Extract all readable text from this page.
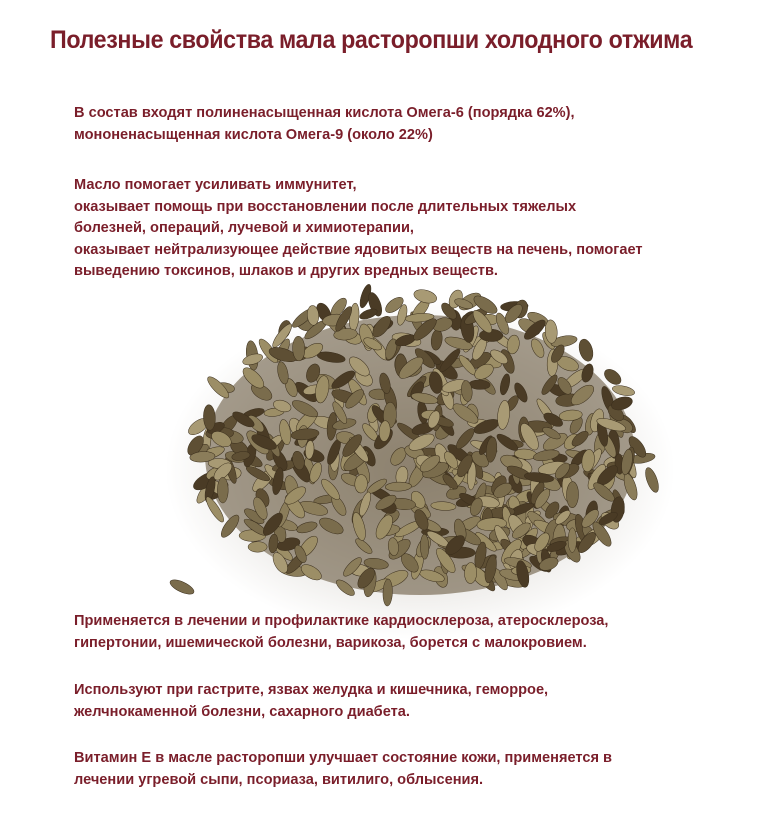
Полезные свойства мала расторопши холодного отжима
В состав входят полиненасыщенная кислота Омега-6 (порядка 62%),
мононенасыщенная кислота Омега-9 (около 22%)
Масло помогает усиливать иммунитет,
оказывает помощь при восстановлении после длительных тяжелых
болезней, операций, лучевой и химиотерапии,
оказывает нейтрализующее действие ядовитых веществ на печень, помогает
выведению токсинов, шлаков и других вредных веществ.
Применяется в лечении и профилактике кардиосклероза, атеросклероза,
гипертонии, ишемической болезни, варикоза, борется с малокровием.
Используют при гастрите, язвах желудка и кишечника, геморрое,
желчнокаменной болезни, сахарного диабета.
Витамин Е в масле расторопши улучшает состояние кожи, применяется в
лечении угревой сыпи, псориаза, витилиго, облысения.
